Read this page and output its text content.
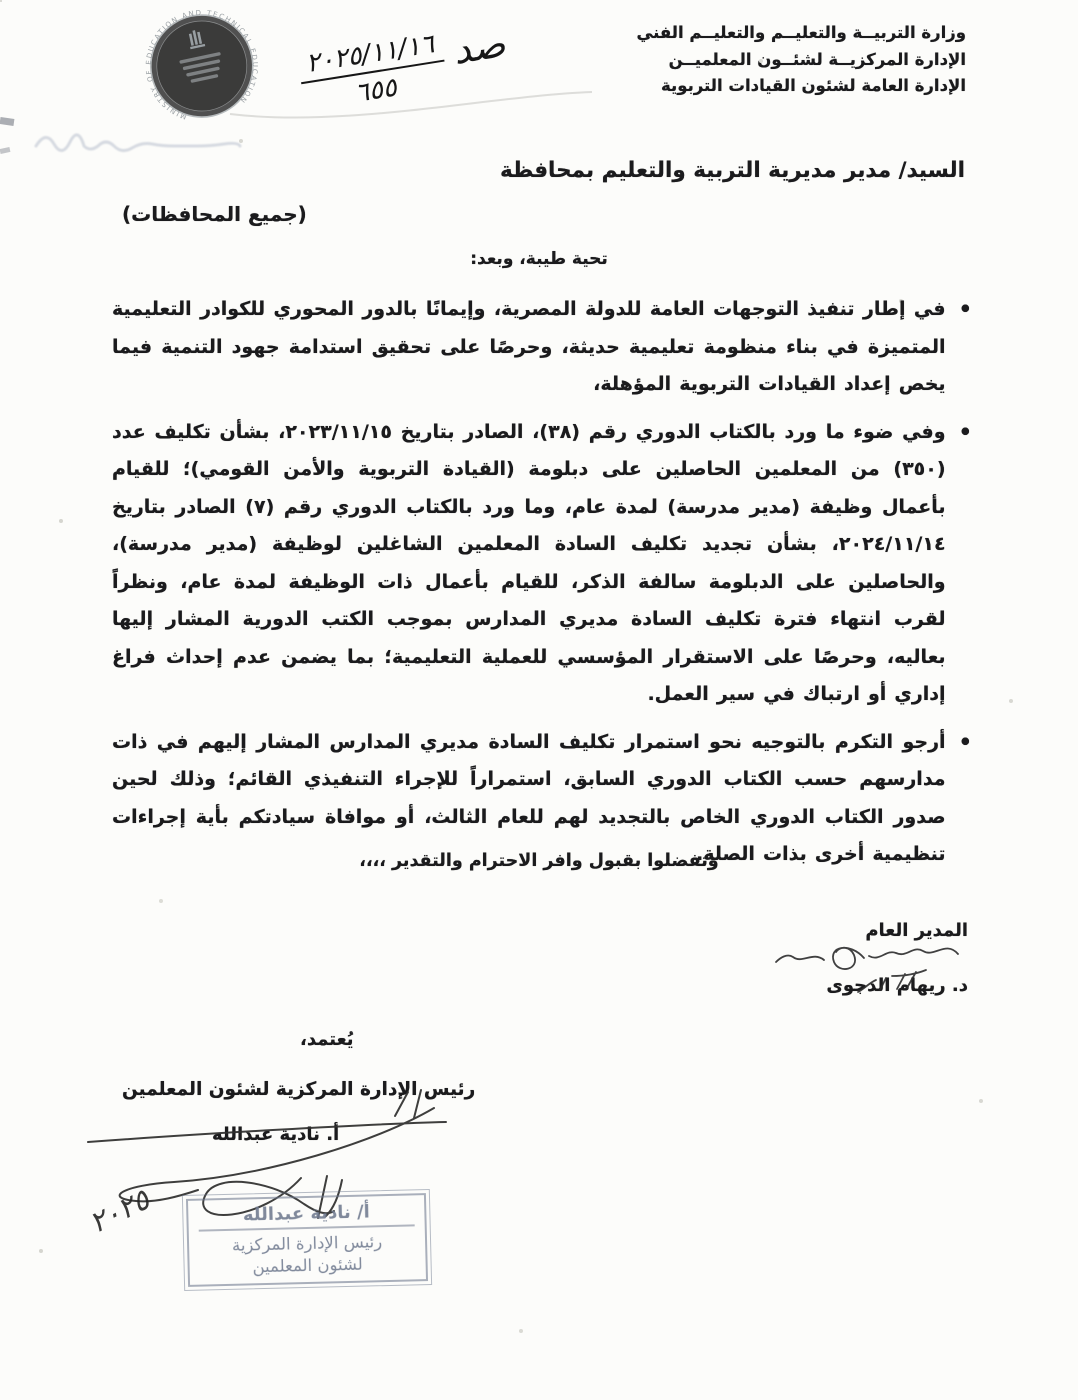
وزارة التربيــة والتعليــم والتعليــم الفني
الإدارة المركزيــة لشئــون المعلميــن
الإدارة العامة لشئون القيادات التربوية
MINISTRY OF EDUCATION AND TECHNICAL EDUCATION
صد
٢٠٢٥/١١/١٦
٦٥٥
السيد/ مدير مديرية التربية والتعليم بمحافظة
(جميع المحافظات)
تحية طيبة، وبعد:
•

في إطار تنفيذ التوجهات العامة للدولة المصرية، وإيمانًا بالدور المحوري للكوادر التعليمية المتميزة في بناء منظومة تعليمية حديثة، وحرصًا على تحقيق استدامة جهود التنمية فيما يخص إعداد القيادات التربوية المؤهلة،

•

وفي ضوء ما ورد بالكتاب الدوري رقم (٣٨)، الصادر بتاريخ ٢٠٢٣/١١/١٥، بشأن تكليف عدد (٣٥٠) من المعلمين الحاصلين على دبلومة (القيادة التربوية والأمن القومي)؛ للقيام بأعمال وظيفة (مدير مدرسة) لمدة عام، وما ورد بالكتاب الدوري رقم (٧) الصادر بتاريخ ٢٠٢٤/١١/١٤، بشأن تجديد تكليف السادة المعلمين الشاغلين لوظيفة (مدير مدرسة)، والحاصلين على الدبلومة سالفة الذكر، للقيام بأعمال ذات الوظيفة لمدة عام، ونظراً لقرب انتهاء فترة تكليف السادة مديري المدارس بموجب الكتب الدورية المشار إليها بعاليه، وحرصًا على الاستقرار المؤسسي للعملية التعليمية؛ بما يضمن عدم إحداث فراغ إداري أو ارتباك في سير العمل.

•

أرجو التكرم بالتوجيه نحو استمرار تكليف السادة مديري المدارس المشار إليهم في ذات مدارسهم حسب الكتاب الدوري السابق، استمراراً للإجراء التنفيذي القائم؛ وذلك لحين صدور الكتاب الدوري الخاص بالتجديد لهم للعام الثالث، أو موافاة سيادتكم بأية إجراءات تنظيمية أخرى بذات الصلة.

وتفضلوا بقبول وافر الاحترام والتقدير ،،،،
المدير العام
د. ريهام الدجوى
يُعتمد،
رئيس الإدارة المركزية لشئون المعلمين
أ. نادية عبدالله
أ/ نادية عبدالله
رئيس الإدارة المركزية
لشئون المعلمين
٢٠٢٥
